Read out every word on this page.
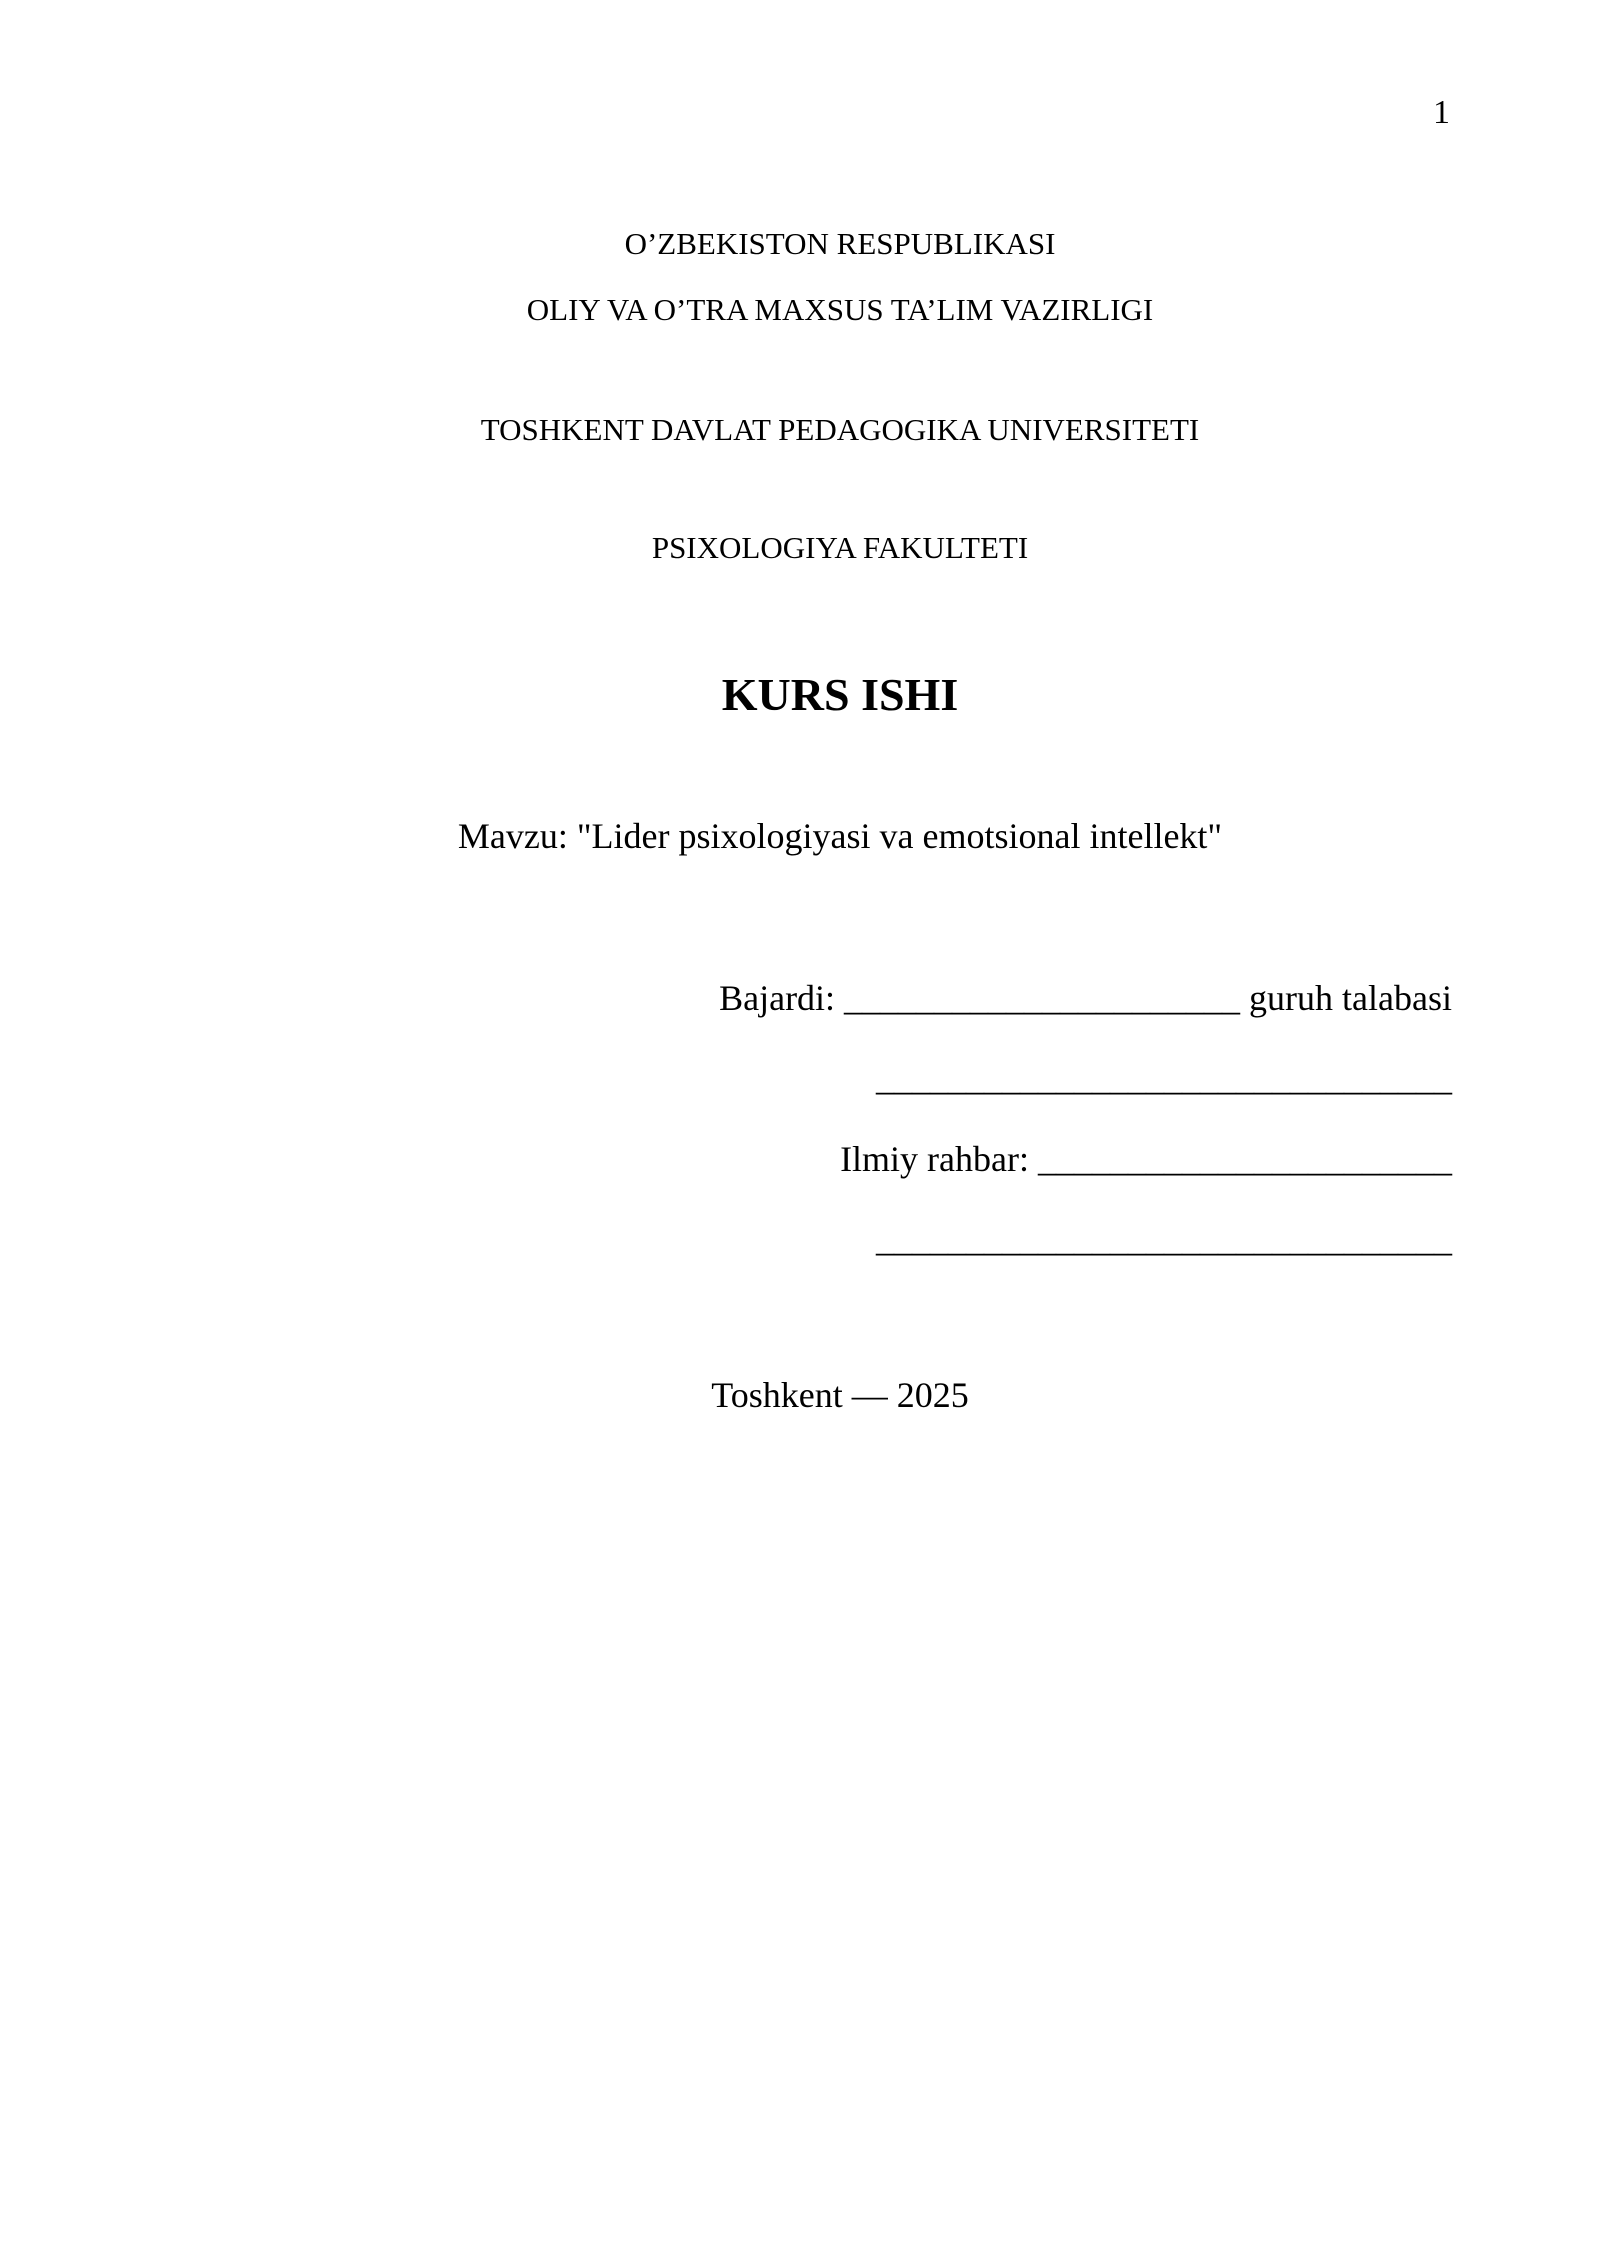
1
O’ZBEKISTON RESPUBLIKASI
OLIY VA O’TRA MAXSUS TA’LIM VAZIRLIGI
TOSHKENT DAVLAT PEDAGOGIKA UNIVERSITETI
PSIXOLOGIYA FAKULTETI
KURS ISHI
Mavzu: "Lider psixologiyasi va emotsional intellekt"
Bajardi: ______________________ guruh talabasi
________________________________
Ilmiy rahbar: _______________________
________________________________
Toshkent — 2025
